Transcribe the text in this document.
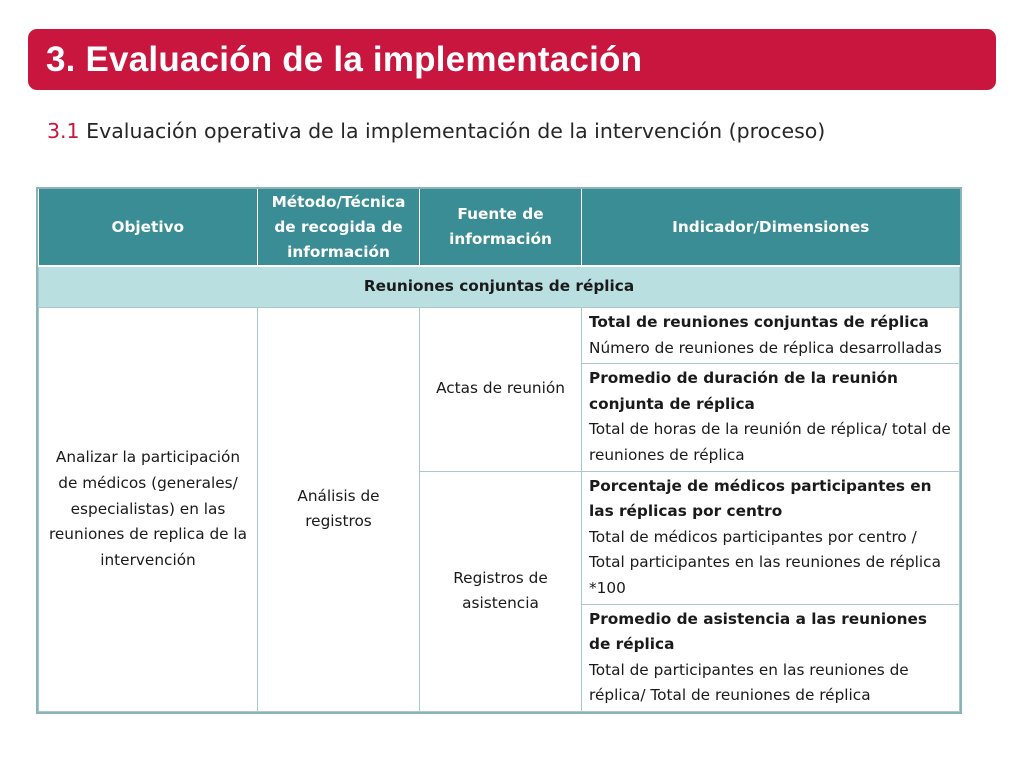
3. Evaluación de la implementación
3.1 Evaluación operativa de la implementación de la intervención (proceso)
Objetivo	Método/Técnica de recogida de información	Fuente de información	Indicador/Dimensiones
Reuniones conjuntas de réplica			
Analizar la participación de médicos (generales/ especialistas) en las reuniones de replica de la intervención	Análisis de registros	Actas de reunión	Total de reuniones conjuntas de réplica
Número de reuniones de réplica desarrolladas

			Promedio de duración de la reunión conjunta de réplica
Total de horas de la reunión de réplica/ total de reuniones de réplica

		Registros de asistencia	Porcentaje de médicos participantes en las réplicas por centro
Total de médicos participantes por centro / Total participantes en las reuniones de réplica *100

			Promedio de asistencia a las reuniones de réplica
Total de participantes en las reuniones de réplica/ Total de reuniones de réplica
